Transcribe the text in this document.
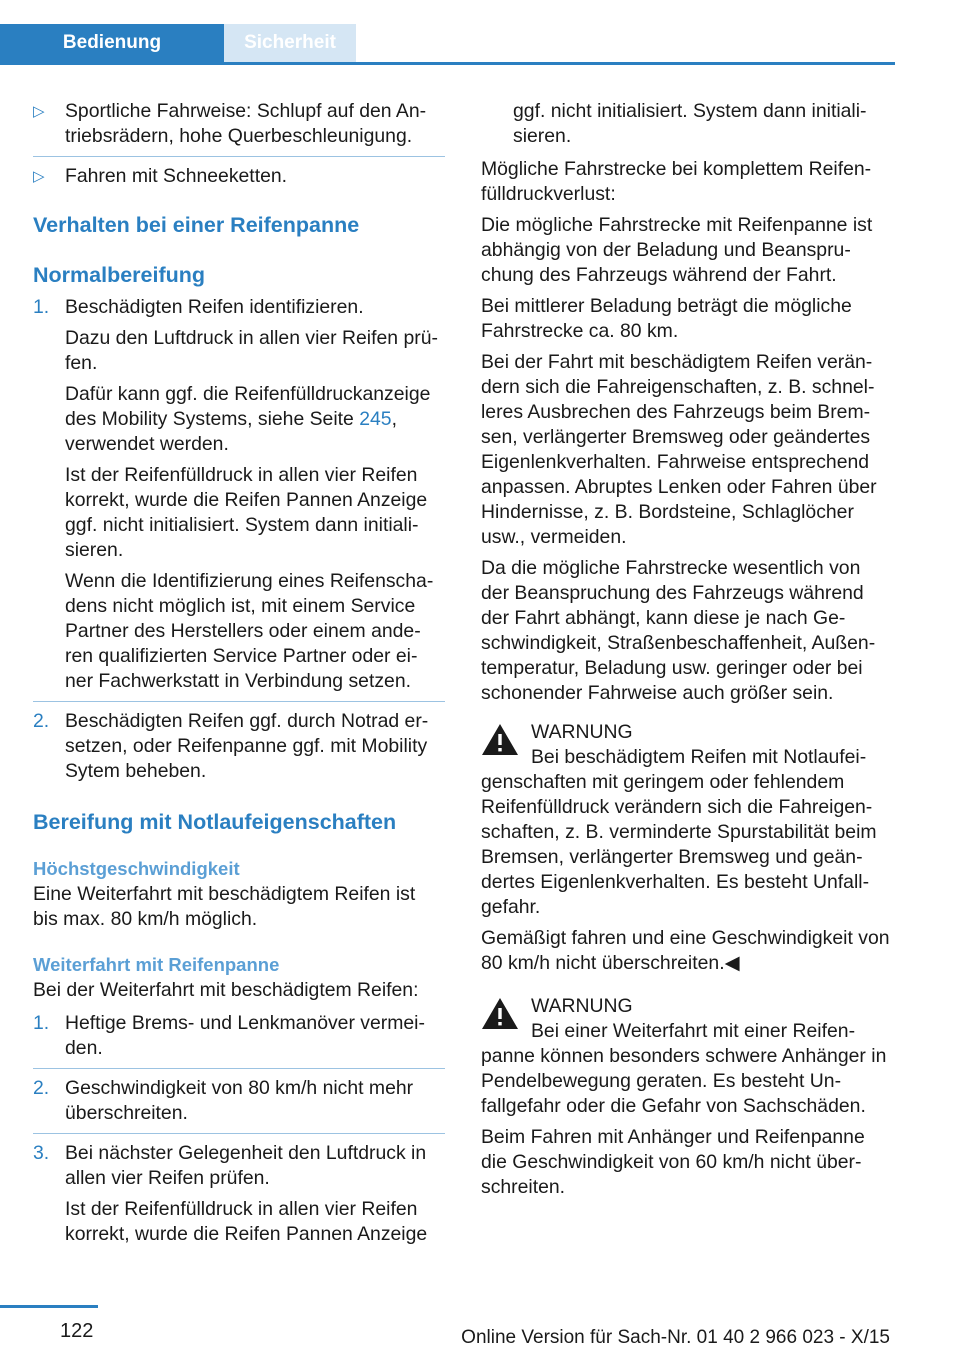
Bedienung	Sicherheit
▷ Sportliche Fahrweise: Schlupf auf den An-triebsrädern, hohe Querbeschleunigung.
▷ Fahren mit Schneeketten.
Verhalten bei einer Reifenpanne
Normalbereifung
1. Beschädigten Reifen identifizieren.
Dazu den Luftdruck in allen vier Reifen prü-fen.
Dafür kann ggf. die Reifenfülldruckanzeige des Mobility Systems, siehe Seite 245, verwendet werden.
Ist der Reifenfülldruck in allen vier Reifen korrekt, wurde die Reifen Pannen Anzeige ggf. nicht initialisiert. System dann initiali-sieren.
Wenn die Identifizierung eines Reifenscha-dens nicht möglich ist, mit einem Service Partner des Herstellers oder einem ande-ren qualifizierten Service Partner oder ei-ner Fachwerkstatt in Verbindung setzen.
2. Beschädigten Reifen ggf. durch Notrad er-setzen, oder Reifenpanne ggf. mit Mobility Sytem beheben.
Bereifung mit Notlaufeigenschaften
Höchstgeschwindigkeit

Eine Weiterfahrt mit beschädigtem Reifen ist bis max. 80 km/h möglich.

Weiterfahrt mit Reifenpanne

Bei der Weiterfahrt mit beschädigtem Reifen:

1. Heftige Brems- und Lenkmanöver vermei-den.
2. Geschwindigkeit von 80 km/h nicht mehr überschreiten.
3. Bei nächster Gelegenheit den Luftdruck in allen vier Reifen prüfen.
Ist der Reifenfülldruck in allen vier Reifen korrekt, wurde die Reifen Pannen Anzeige

ggf. nicht initialisiert. System dann initiali-sieren.

Mögliche Fahrstrecke bei komplettem Reifen-fülldruckverlust:

Die mögliche Fahrstrecke mit Reifenpanne ist abhängig von der Beladung und Beanspru-chung des Fahrzeugs während der Fahrt.

Bei mittlerer Beladung beträgt die mögliche Fahrstrecke ca. 80 km.

Bei der Fahrt mit beschädigtem Reifen verän-dern sich die Fahreigenschaften, z. B. schnel-leres Ausbrechen des Fahrzeugs beim Brem-sen, verlängerter Bremsweg oder geändertes Eigenlenkverhalten. Fahrweise entsprechend anpassen. Abruptes Lenken oder Fahren über Hindernisse, z. B. Bordsteine, Schlaglöcher usw., vermeiden.

Da die mögliche Fahrstrecke wesentlich von der Beanspruchung des Fahrzeugs während der Fahrt abhängt, kann diese je nach Ge-schwindigkeit, Straßenbeschaffenheit, Außen-temperatur, Beladung usw. geringer oder bei schonender Fahrweise auch größer sein.

WARNUNG
Bei beschädigtem Reifen mit Notlaufei-

genschaften mit geringem oder fehlendem Reifenfülldruck verändern sich die Fahreigen-schaften, z. B. verminderte Spurstabilität beim Bremsen, verlängerter Bremsweg und geän-dertes Eigenlenkverhalten. Es besteht Unfall-gefahr.

Gemäßigt fahren und eine Geschwindigkeit von 80 km/h nicht überschreiten.◀

WARNUNG
Bei einer Weiterfahrt mit einer Reifen-

panne können besonders schwere Anhänger in Pendelbewegung geraten. Es besteht Un-fallgefahr oder die Gefahr von Sachschäden.

Beim Fahren mit Anhänger und Reifenpanne die Geschwindigkeit von 60 km/h nicht über-schreiten.

122	Online Version für Sach-Nr. 01 40 2 966 023 - X/15
